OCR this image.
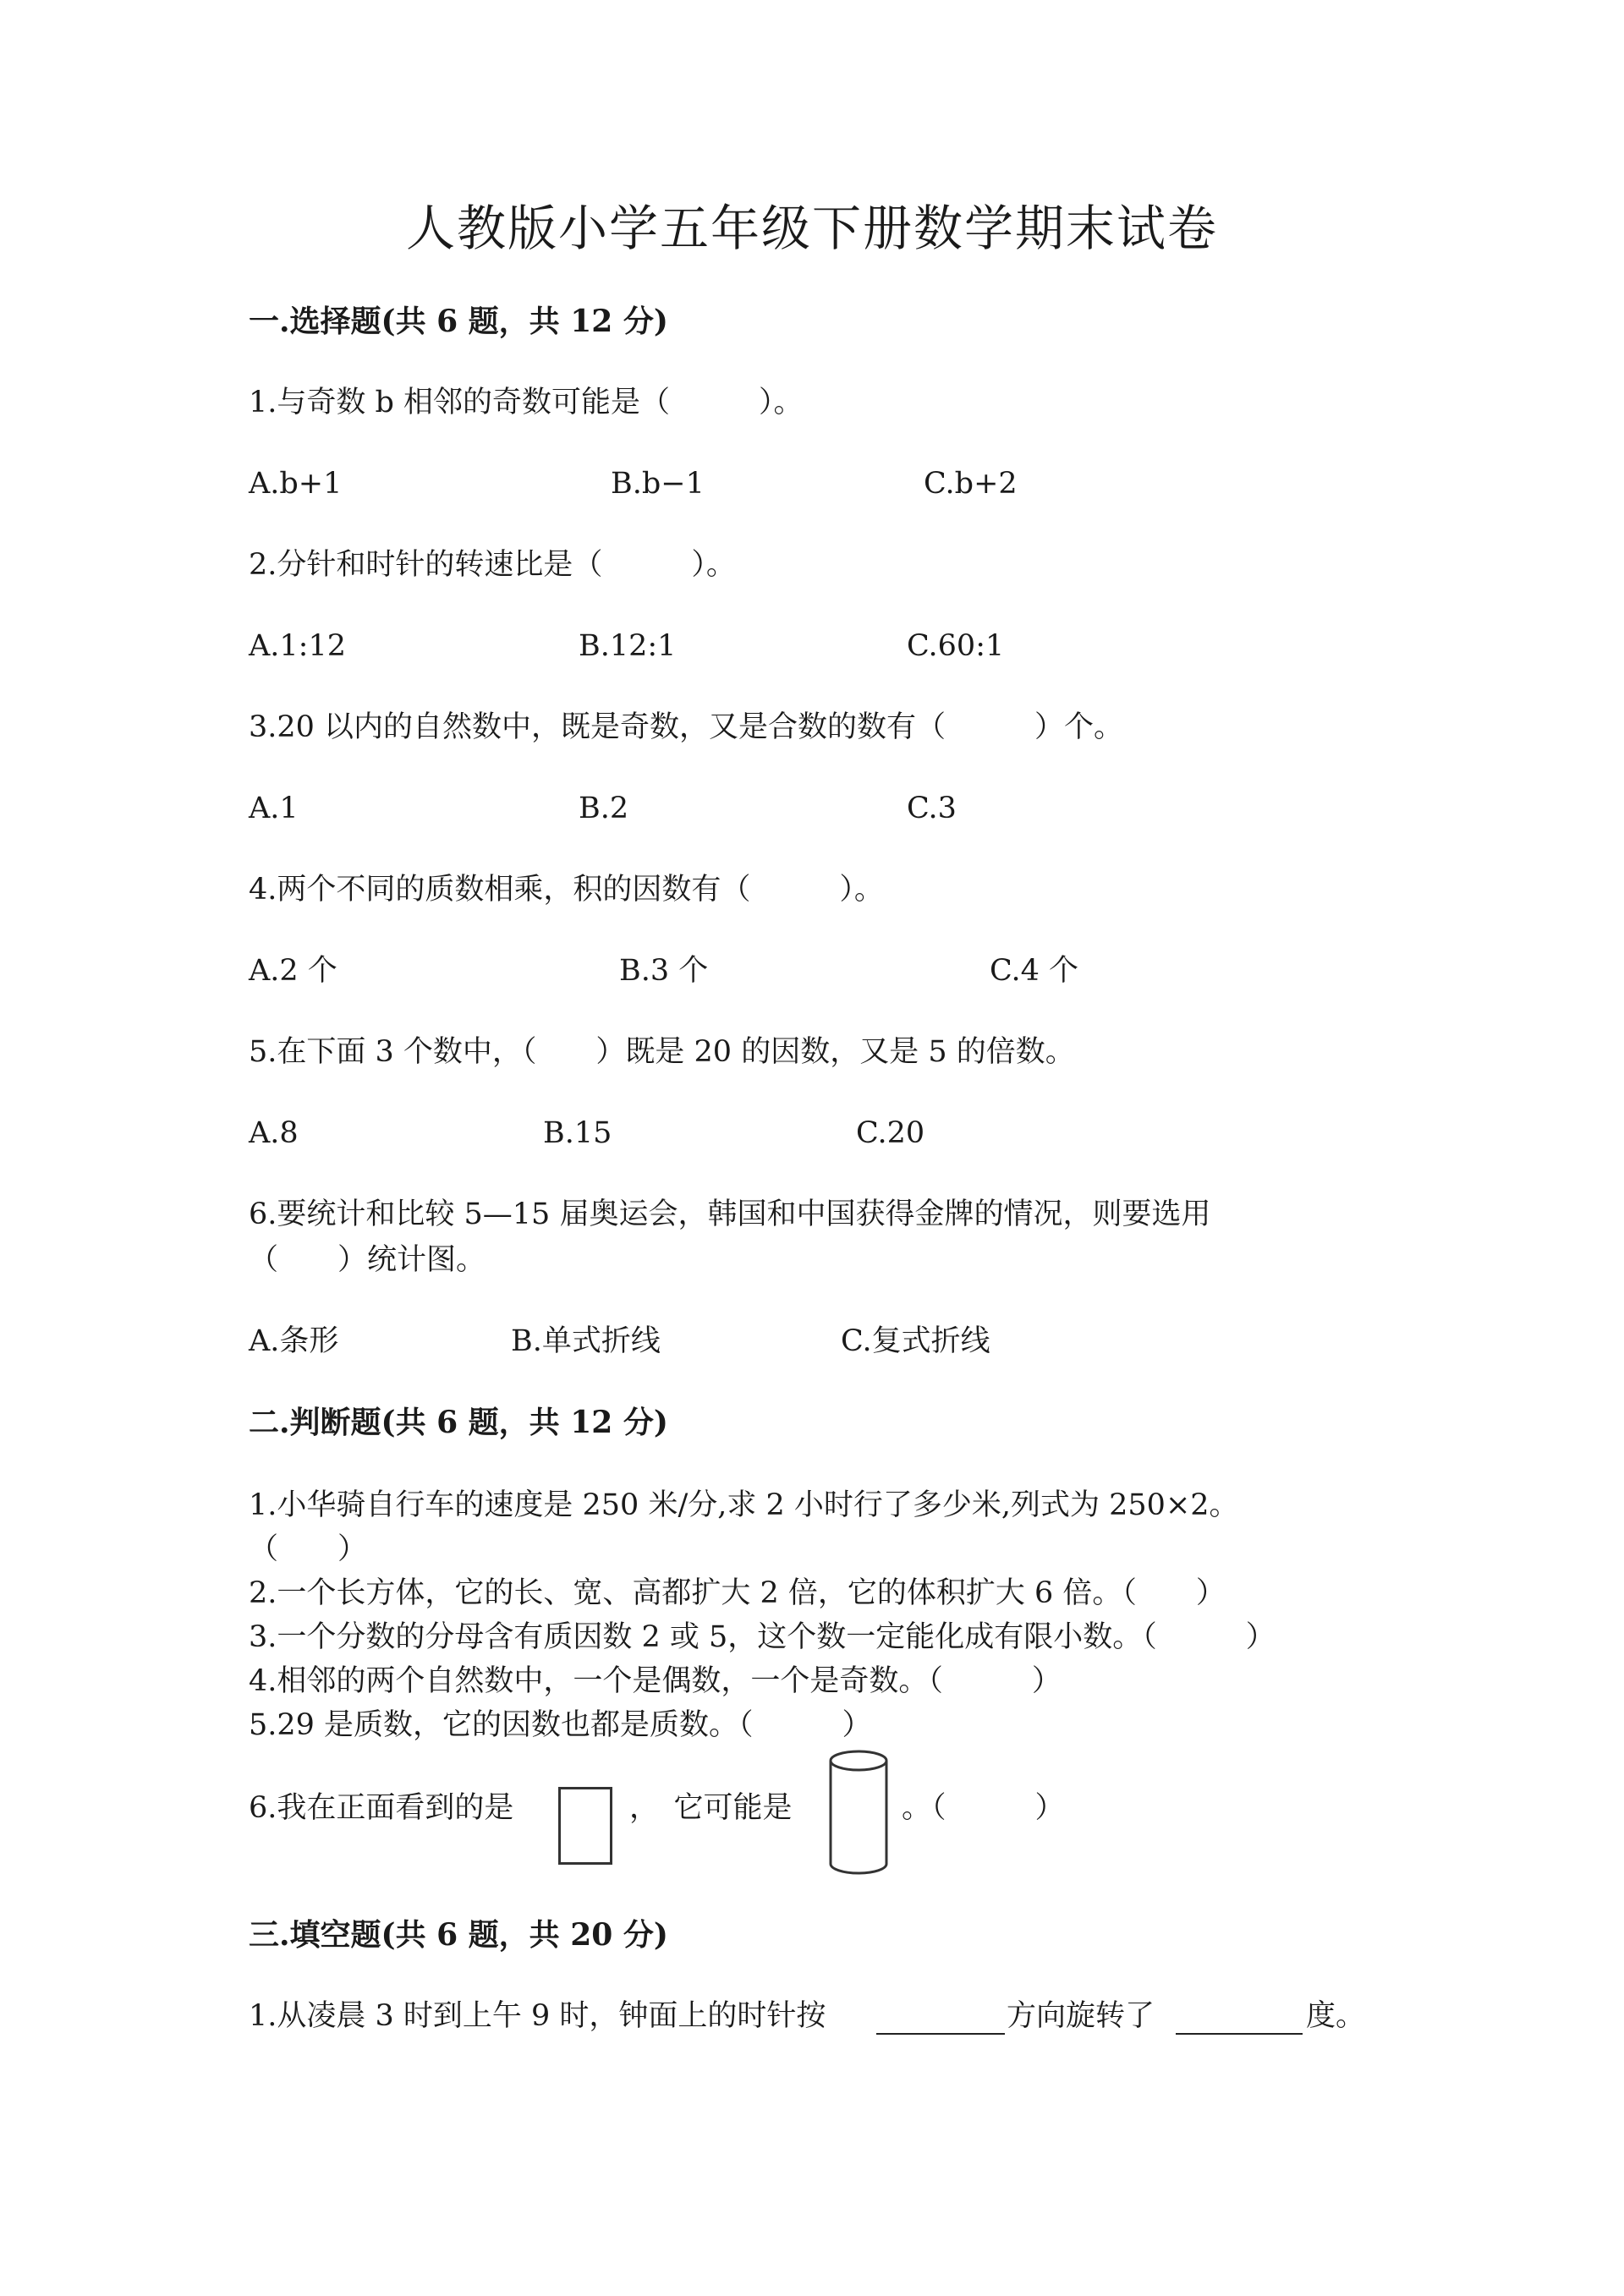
人教版小学五年级下册数学期末试卷
一.选择题(共 6 题，共 12 分)
1.与奇数 b 相邻的奇数可能是（　　　）。
A.b+1	B.b−1	C.b+2
2.分针和时针的转速比是（　　　）。
A.1:12	B.12:1	C.60:1
3.20 以内的自然数中，既是奇数，又是合数的数有（　　　）个。
A.1	B.2	C.3
4.两个不同的质数相乘，积的因数有（　　　）。
A.2 个	B.3 个	C.4 个
5.在下面 3 个数中，（　　）既是 20 的因数，又是 5 的倍数。
A.8	B.15	C.20
6.要统计和比较 5—15 届奥运会，韩国和中国获得金牌的情况，则要选用
（　　）统计图。
A.条形	B.单式折线	C.复式折线
二.判断题(共 6 题，共 12 分)
1.小华骑自行车的速度是 250 米/分,求 2 小时行了多少米,列式为 250×2。
（　　）
2.一个长方体，它的长、宽、高都扩大 2 倍，它的体积扩大 6 倍。（　　）
3.一个分数的分母含有质因数 2 或 5，这个数一定能化成有限小数。（　　　）
4.相邻的两个自然数中，一个是偶数，一个是奇数。（　　　）
5.29 是质数，它的因数也都是质数。（　　　）
6.我在正面看到的是	，　它可能是	。（　　　）
三.填空题(共 6 题，共 20 分)
1.从凌晨 3 时到上午 9 时，钟面上的时针按	方向旋转了	度。
